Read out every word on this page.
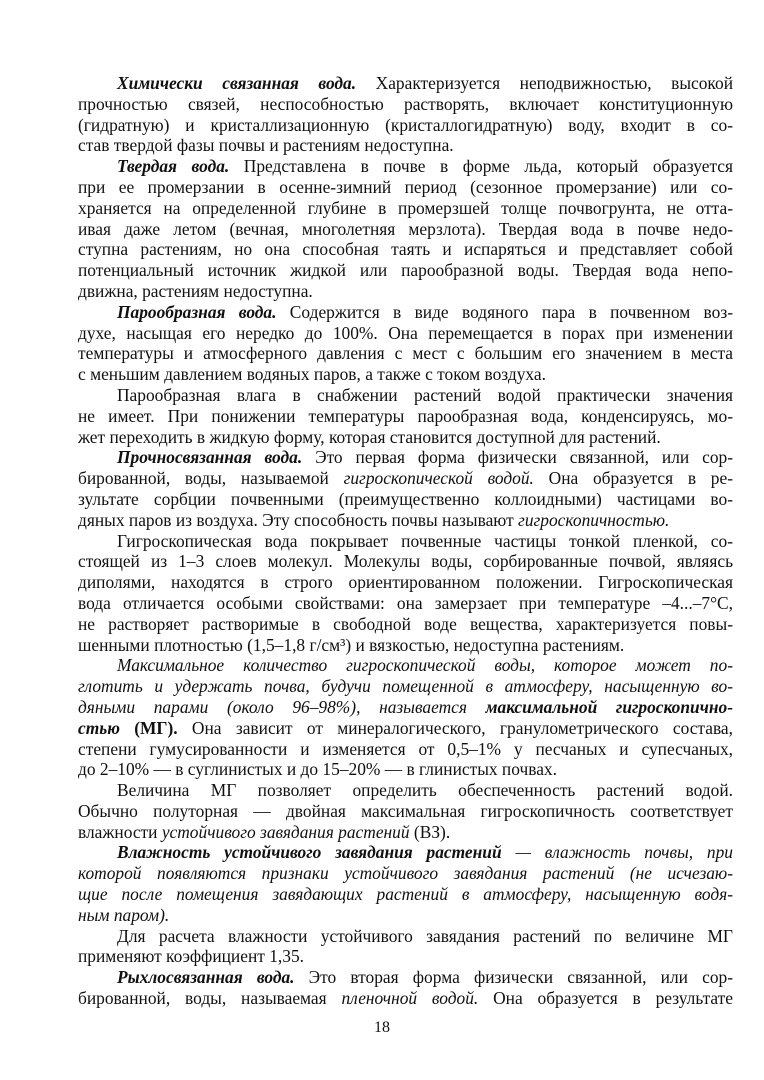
Химически связанная вода. Характеризуется неподвижностью, высокой
прочностью связей, неспособностью растворять, включает конституционную
(гидратную) и кристаллизационную (кристаллогидратную) воду, входит в со-
став твердой фазы почвы и растениям недоступна.
Твердая вода. Представлена в почве в форме льда, который образуется
при ее промерзании в осенне-зимний период (сезонное промерзание) или со-
храняется на определенной глубине в промерзшей толще почвогрунта, не отта-
ивая даже летом (вечная, многолетняя мерзлота). Твердая вода в почве недо-
ступна растениям, но она способная таять и испаряться и представляет собой
потенциальный источник жидкой или парообразной воды. Твердая вода непо-
движна, растениям недоступна.
Парообразная вода. Содержится в виде водяного пара в почвенном воз-
духе, насыщая его нередко до 100%. Она перемещается в порах при изменении
температуры и атмосферного давления с мест с большим его значением в места
с меньшим давлением водяных паров, а также с током воздуха.
Парообразная влага в снабжении растений водой практически значения
не имеет. При понижении температуры парообразная вода, конденсируясь, мо-
жет переходить в жидкую форму, которая становится доступной для растений.
Прочносвязанная вода. Это первая форма физически связанной, или сор-
бированной, воды, называемой гигроскопической водой. Она образуется в ре-
зультате сорбции почвенными (преимущественно коллоидными) частицами во-
дяных паров из воздуха. Эту способность почвы называют гигроскопичностью.
Гигроскопическая вода покрывает почвенные частицы тонкой пленкой, со-
стоящей из 1–3 слоев молекул. Молекулы воды, сорбированные почвой, являясь
диполями, находятся в строго ориентированном положении. Гигроскопическая
вода отличается особыми свойствами: она замерзает при температуре –4...–7°C,
не растворяет растворимые в свободной воде вещества, характеризуется повы-
шенными плотностью (1,5–1,8 г/см³) и вязкостью, недоступна растениям.
Максимальное количество гигроскопической воды, которое может по-
глотить и удержать почва, будучи помещенной в атмосферу, насыщенную во-
дяными парами (около 96–98%), называется максимальной гигроскопично-
стью (МГ). Она зависит от минералогического, гранулометрического состава,
степени гумусированности и изменяется от 0,5–1% у песчаных и супесчаных,
до 2–10% — в суглинистых и до 15–20% — в глинистых почвах.
Величина МГ позволяет определить обеспеченность растений водой.
Обычно полуторная — двойная максимальная гигроскопичность соответствует
влажности устойчивого завядания растений (ВЗ).
Влажность устойчивого завядания растений — влажность почвы, при
которой появляются признаки устойчивого завядания растений (не исчезаю-
щие после помещения завядающих растений в атмосферу, насыщенную водя-
ным паром).
Для расчета влажности устойчивого завядания растений по величине МГ
применяют коэффициент 1,35.
Рыхлосвязанная вода. Это вторая форма физически связанной, или сор-
бированной, воды, называемая пленочной водой. Она образуется в результате
18
